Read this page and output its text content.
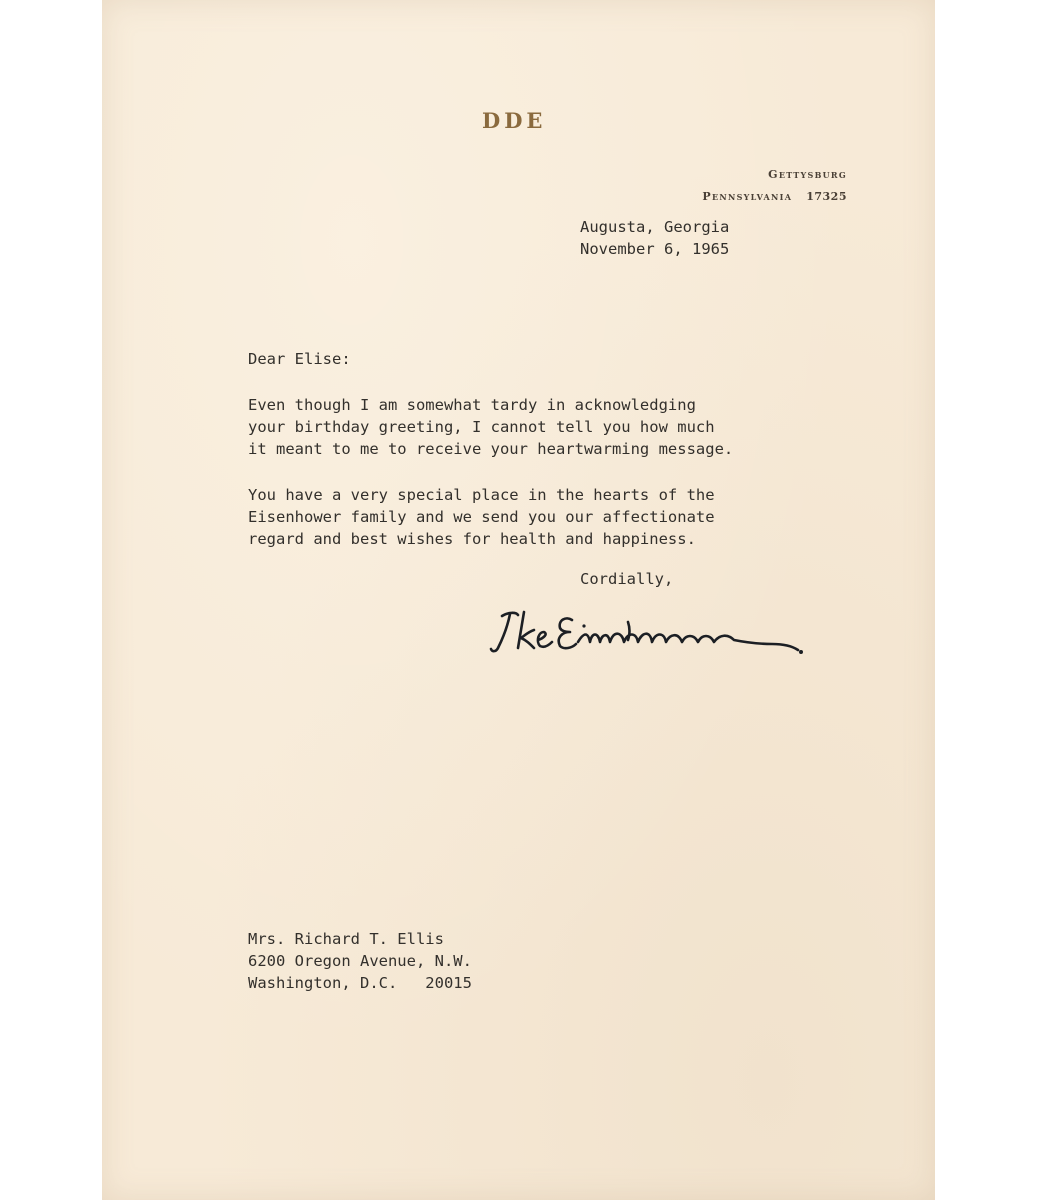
DDE
Gettysburg
Pennsylvania 17325
Augusta, Georgia
November 6, 1965
Dear Elise:

Even though I am somewhat tardy in acknowledging
your birthday greeting, I cannot tell you how much
it meant to me to receive your heartwarming message.

You have a very special place in the hearts of the
Eisenhower family and we send you our affectionate
regard and best wishes for health and happiness.

Cordially,
Mrs. Richard T. Ellis
6200 Oregon Avenue, N.W.
Washington, D.C.   20015
